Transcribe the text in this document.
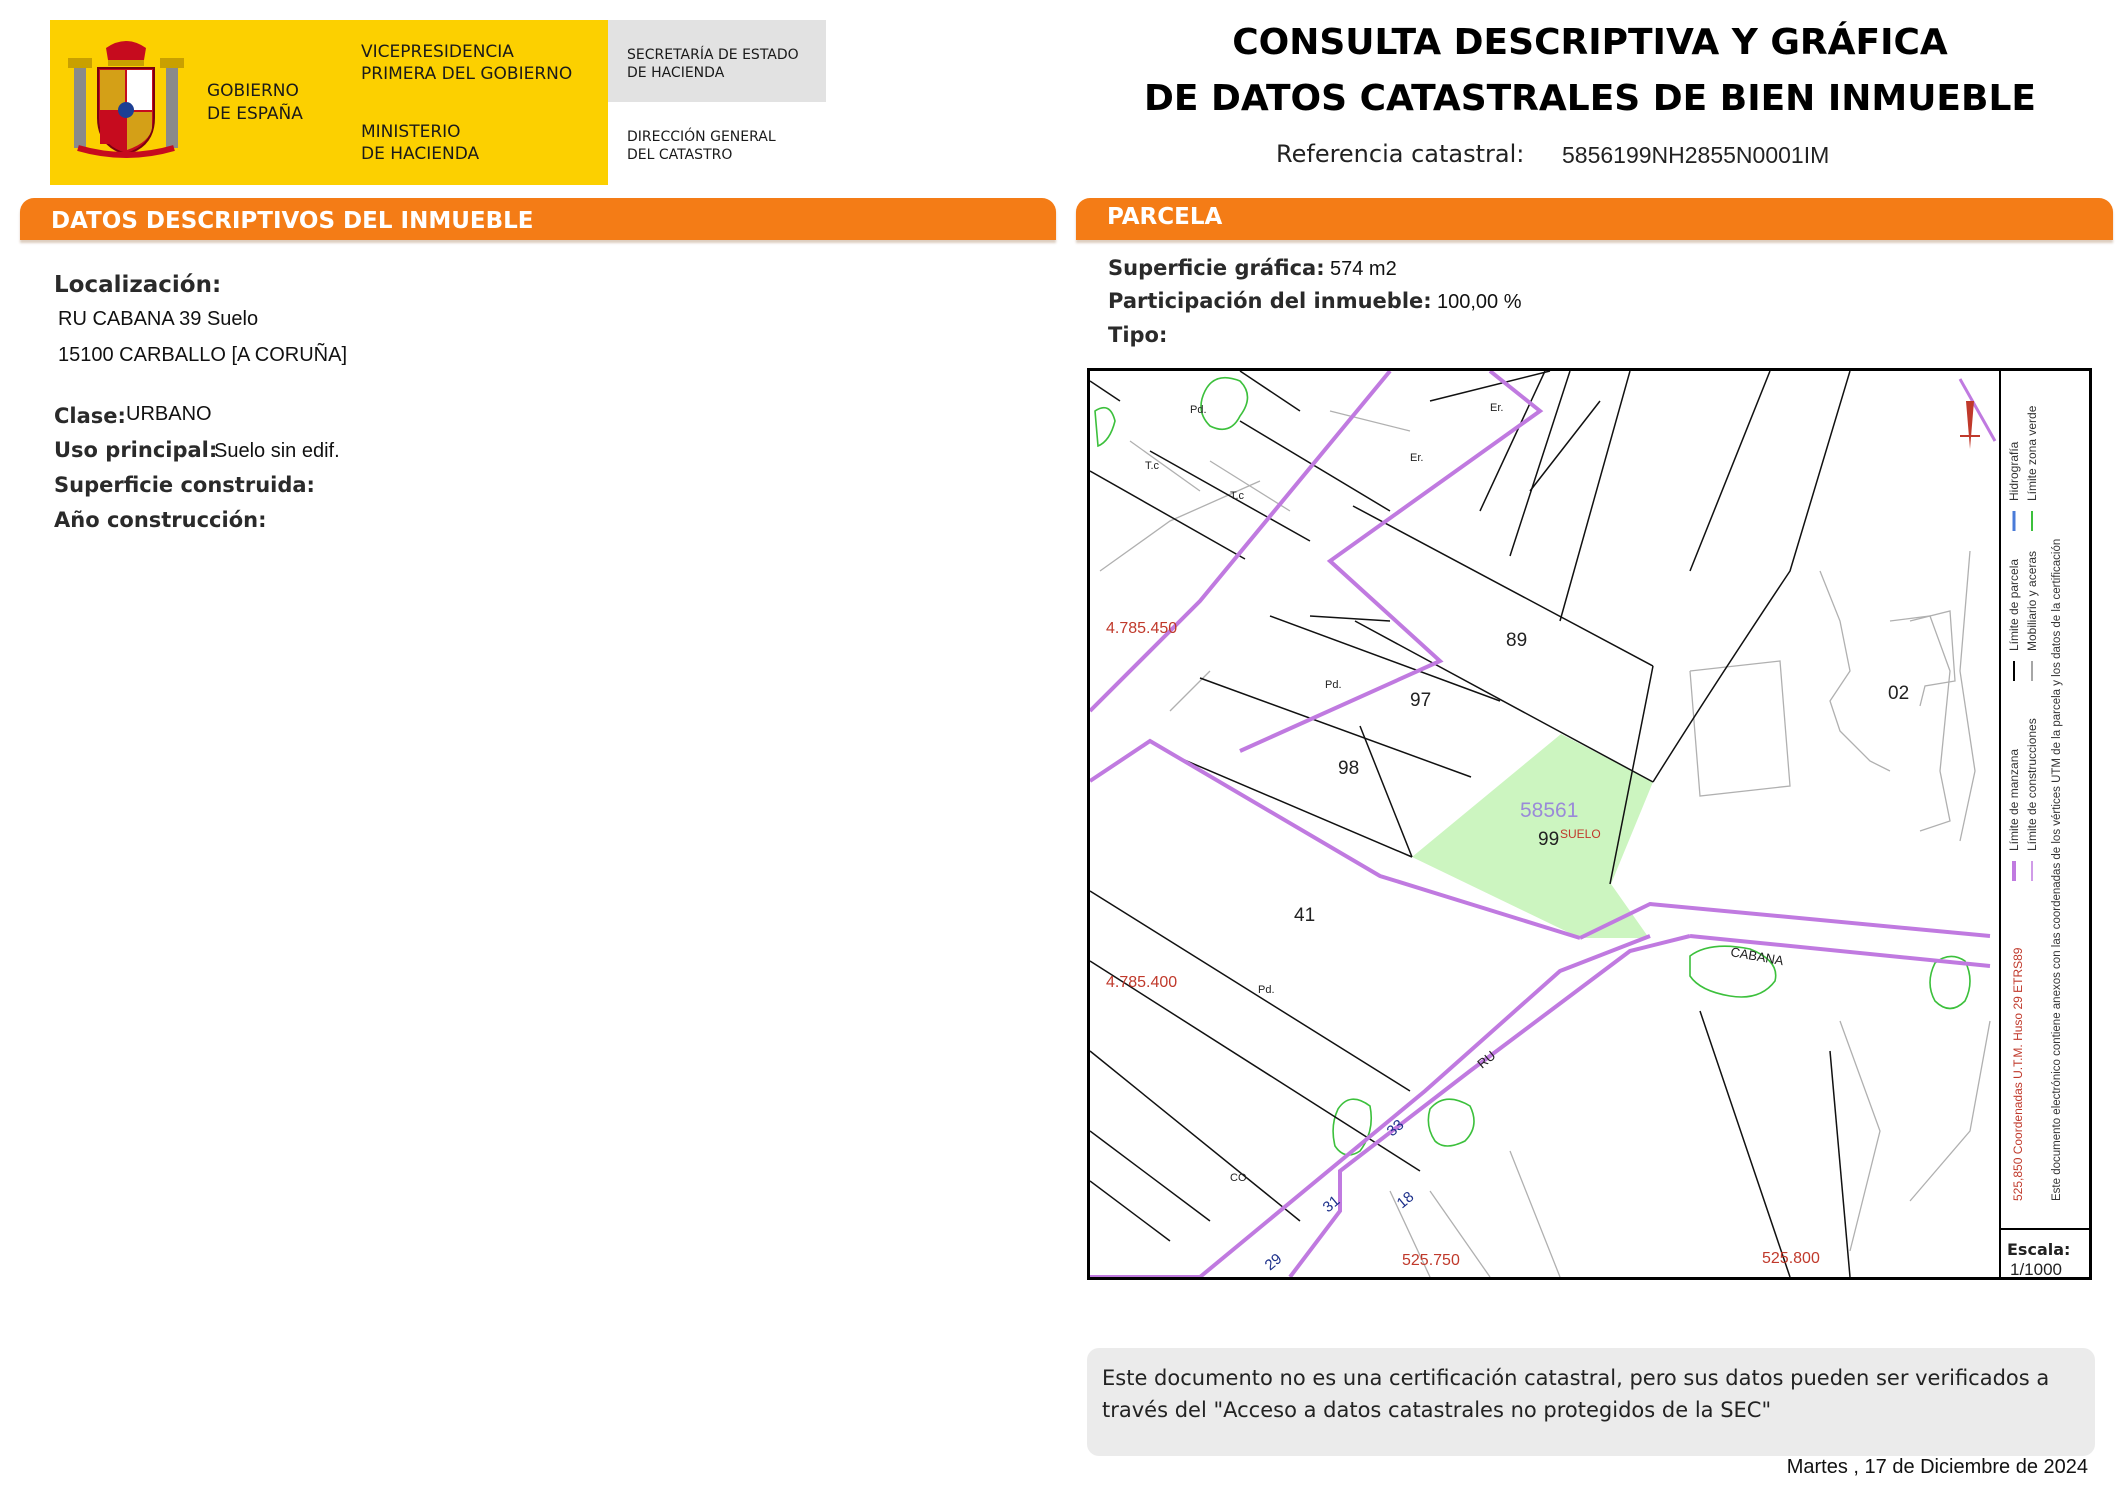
GOBIERNO
DE ESPAÑA
VICEPRESIDENCIA
PRIMERA DEL GOBIERNO
MINISTERIO
DE HACIENDA
SECRETARÍA DE ESTADO
DE HACIENDA
DIRECCIÓN GENERAL
DEL CATASTRO
CONSULTA DESCRIPTIVA Y GRÁFICA
DE DATOS CATASTRALES DE BIEN INMUEBLE
Referencia catastral: 5856199NH2855N0001IM
DATOS DESCRIPTIVOS DEL INMUEBLE
Localización:
RU CABANA 39 Suelo
15100 CARBALLO [A CORUÑA]
Clase: URBANO
Uso principal:
Suelo sin edif.
Superficie construida:
Año construcción:
PARCELA
Superficie gráfica: 574 m2
Participación del inmueble: 100,00 %
Tipo:
Pd.
T.c
T.c
Er.
Er.
Pd.
Pd.
CO
89
97
98
99
41
02
58561
SUELO
CABANA
RU
33
31
29
18
4.785.450
4.785.400
525.750	525.800
Límite de manzana
Límite de parcela
Hidrografía
Límite de construcciones
Mobiliario y aceras
Límite zona verde
525,850 Coordenadas U.T.M. Huso 29 ETRS89 Este documento electrónico contiene anexos con las coordenadas de los vértices UTM de la parcela y los datos de la certificación
Escala:
1/1000
Este documento no es una certificación catastral, pero sus datos pueden ser verificados a
través del "Acceso a datos catastrales no protegidos de la SEC"
Martes , 17 de Diciembre de 2024
